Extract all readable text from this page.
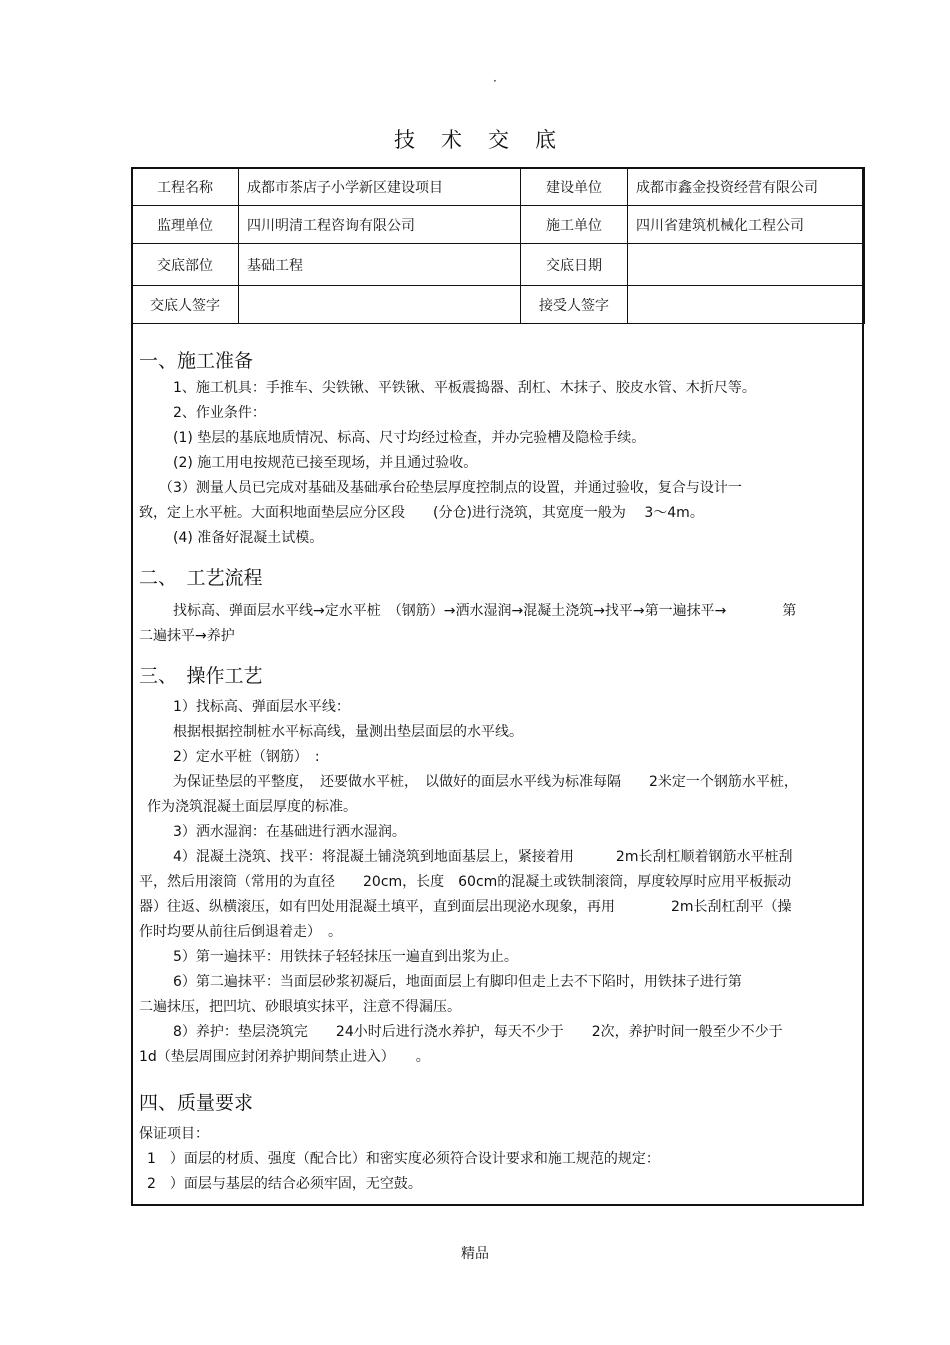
·
技术交底
工程名称	成都市茶店子小学新区建设项目	建设单位	成都市鑫金投资经营有限公司
监理单位	四川明清工程咨询有限公司	施工单位	四川省建筑机械化工程公司
交底部位	基础工程	交底日期	
交底人签字		接受人签字	

一、施工准备

1、施工机具：手推车、尖铁锹、平铁锹、平板震捣器、刮杠、木抹子、胶皮水管、木折尺等。

2、作业条件：

(1) 垫层的基底地质情况、标高、尺寸均经过检查，并办完验槽及隐检手续。

(2) 施工用电按规范已接至现场，并且通过验收。

（3）测量人员已完成对基础及基础承台砼垫层厚度控制点的设置，并通过验收，复合与设计一

致，定上水平桩。大面积地面垫层应分区段　　(分仓)进行浇筑，其宽度一般为　 3～4m。

(4) 准备好混凝土试模。

二、　工艺流程

找标高、弹面层水平线→定水平桩　（钢筋）→洒水湿润→混凝土浇筑→找平→第一遍抹平→　　　　第

二遍抹平→养护

三、　操作工艺

1）找标高、弹面层水平线：

根据根据控制桩水平标高线，量测出垫层面层的水平线。

2）定水平桩（钢筋）　:

为保证垫层的平整度，　还要做水平桩，　以做好的面层水平线为标准每隔　　2米定一个钢筋水平桩，

作为浇筑混凝土面层厚度的标准。

3）洒水湿润：在基础进行洒水湿润。

4）混凝土浇筑、找平：将混凝土铺浇筑到地面基层上，紧接着用　　　2m长刮杠顺着钢筋水平桩刮

平，然后用滚筒（常用的为直径　　20cm，长度　60cm的混凝土或铁制滚筒，厚度较厚时应用平板振动

器）往返、纵横滚压，如有凹处用混凝土填平，直到面层出现泌水现象，再用　　　　2m长刮杠刮平（操

作时均要从前往后倒退着走）　。

5）第一遍抹平：用铁抹子轻轻抹压一遍直到出浆为止。

6）第二遍抹平：当面层砂浆初凝后，地面面层上有脚印但走上去不下陷时，用铁抹子进行第

二遍抹压，把凹坑、砂眼填实抹平，注意不得漏压。

8）养护：垫层浇筑完　　24小时后进行浇水养护，每天不少于　　2次，养护时间一般至少不少于

1d（垫层周围应封闭养护期间禁止进入）　　。

四、质量要求

保证项目：

1　）面层的材质、强度（配合比）和密实度必须符合设计要求和施工规范的规定：

2　）面层与基层的结合必须牢固，无空鼓。

精品
